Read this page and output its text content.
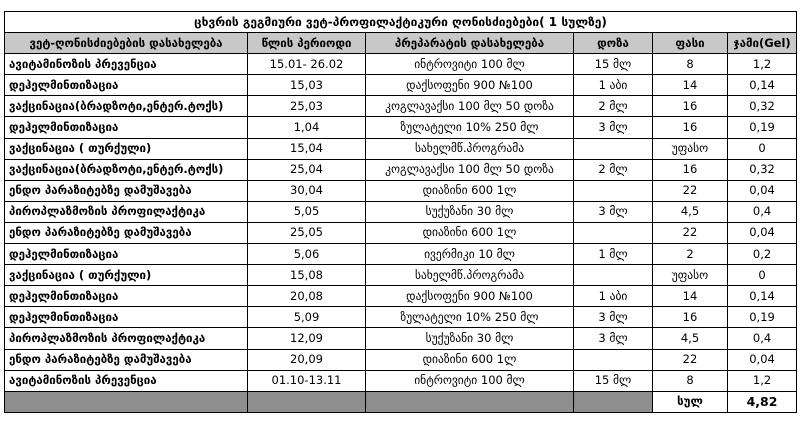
ცხვრის გეგმიური ვეტ-პროფილაქტიკური ღონისძიებები( 1 სულზე)					
ვეტ-ღონისძიებების დასახელება	წლის პერიოდი	პრეპარატის დასახელება	დოზა	ფასი	ჯამი(Gel)
ავიტამინოზის პრევენცია	15.01- 26.02	ინტროვიტი 100 მლ	15 მლ	8	1,2
დეჰელმინთიზაცია	15,03	დაქსოფენი 900 №100	1 აბი	14	0,14
ვაქცინაცია(ბრადზოტი,ენტერ.ტოქს)	25,03	კოგლავაქსი 100 მლ 50 დოზა	2 მლ	16	0,32
დეჰელმინთიზაცია	1,04	ზულატელი 10% 250 მლ	3 მლ	16	0,19
ვაქცინაცია ( თურქული)	15,04	სახელმწ.პროგრამა		უფასო	0
ვაქცინაცია(ბრადზოტი,ენტერ.ტოქს)	25,04	კოგლავაქსი 100 მლ 50 დოზა	2 მლ	16	0,32
ენდო პარაზიტებზე დამუშავება	30,04	დიაზინი 600 1ლ		22	0,04
პიროპლაზმოზის პროფილაქტიკა	5,05	სუქუზანი 30 მლ	3 მლ	4,5	0,4
ენდო პარაზიტებზე დამუშავება	25,05	დიაზინი 600 1ლ		22	0,04
დეჰელმინთიზაცია	5,06	ივერმიკი 10 მლ	1 მლ	2	0,2
ვაქცინაცია ( თურქული)	15,08	სახელმწ.პროგრამა		უფასო	0
დეჰელმინთიზაცია	20,08	დაქსოფენი 900 №100	1 აბი	14	0,14
დეჰელმინთიზაცია	5,09	ზულატელი 10% 250 მლ	3 მლ	16	0,19
პიროპლაზმოზის პროფილაქტიკა	12,09	სუქუზანი 30 მლ	3 მლ	4,5	0,4
ენდო პარაზიტებზე დამუშავება	20,09	დიაზინი 600 1ლ		22	0,04
ავიტამინოზის პრევენცია	01.10-13.11	ინტროვიტი 100 მლ	15 მლ	8	1,2
				სულ	4,82
